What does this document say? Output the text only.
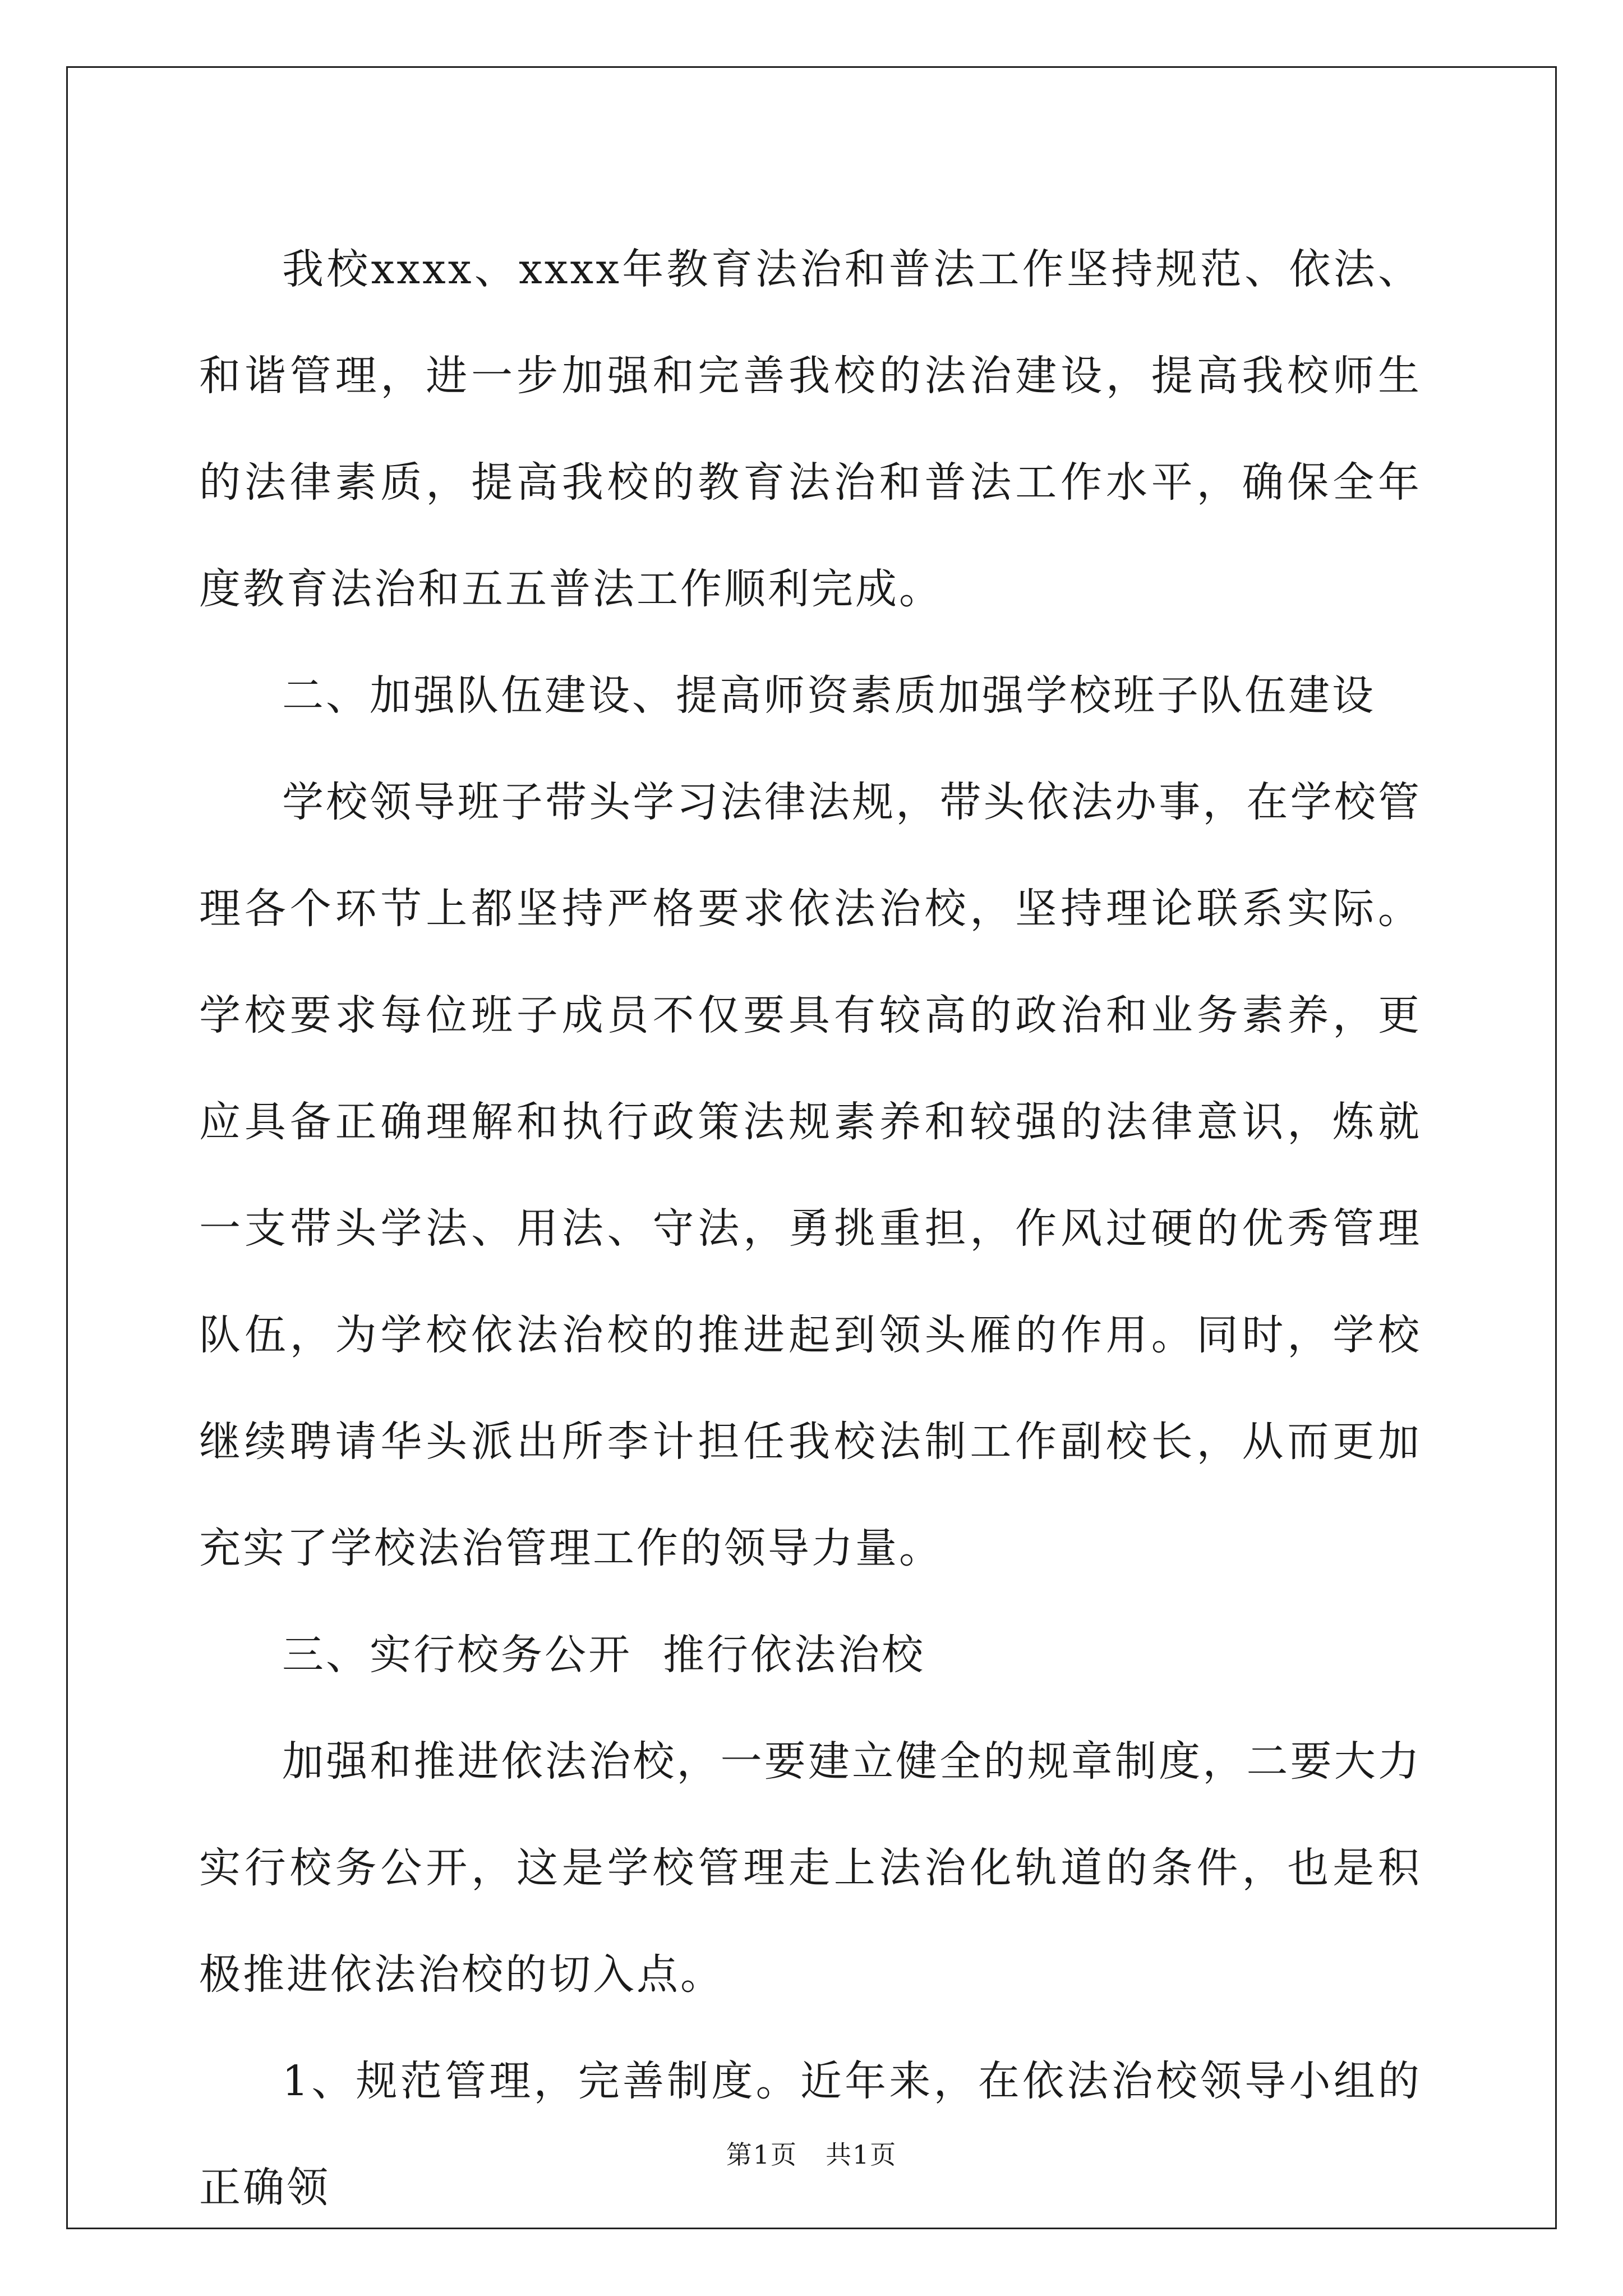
我校xxxx、xxxx年教育法治和普法工作坚持规范、依法、和谐管理，进一步加强和完善我校的法治建设，提高我校师生的法律素质，提高我校的教育法治和普法工作水平，确保全年度教育法治和五五普法工作顺利完成。

二、加强队伍建设、提高师资素质加强学校班子队伍建设

学校领导班子带头学习法律法规，带头依法办事，在学校管理各个环节上都坚持严格要求依法治校，坚持理论联系实际。学校要求每位班子成员不仅要具有较高的政治和业务素养，更应具备正确理解和执行政策法规素养和较强的法律意识，炼就一支带头学法、用法、守法，勇挑重担，作风过硬的优秀管理队伍，为学校依法治校的推进起到领头雁的作用。同时，学校继续聘请华头派出所李计担任我校法制工作副校长，从而更加充实了学校法治管理工作的领导力量。

三、实行校务公开  推行依法治校

加强和推进依法治校，一要建立健全的规章制度，二要大力实行校务公开，这是学校管理走上法治化轨道的条件，也是积极推进依法治校的切入点。

1、规范管理，完善制度。近年来，在依法治校领导小组的正确领

第1页 共1页
